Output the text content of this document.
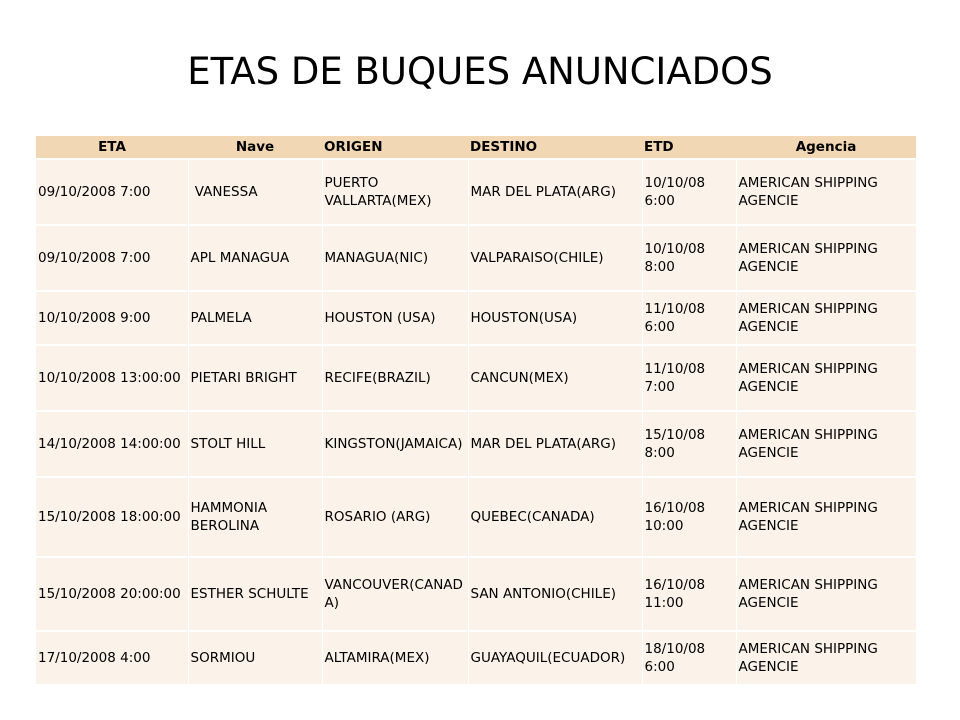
ETAS DE BUQUES ANUNCIADOS
ETA	Nave	ORIGEN	DESTINO	ETD	Agencia
09/10/2008 7:00	VANESSA	PUERTO VALLARTA(MEX)	MAR DEL PLATA(ARG)	10/10/08 6:00	AMERICAN SHIPPING AGENCIE
09/10/2008 7:00	APL MANAGUA	MANAGUA(NIC)	VALPARAISO(CHILE)	10/10/08 8:00	AMERICAN SHIPPING AGENCIE
10/10/2008 9:00	PALMELA	HOUSTON (USA)	HOUSTON(USA)	11/10/08 6:00	AMERICAN SHIPPING AGENCIE
10/10/2008 13:00:00	PIETARI BRIGHT	RECIFE(BRAZIL)	CANCUN(MEX)	11/10/08 7:00	AMERICAN SHIPPING AGENCIE
14/10/2008 14:00:00	STOLT HILL	KINGSTON(JAMAICA)	MAR DEL PLATA(ARG)	15/10/08 8:00	AMERICAN SHIPPING AGENCIE
15/10/2008 18:00:00	HAMMONIA BEROLINA	ROSARIO (ARG)	QUEBEC(CANADA)	16/10/08 10:00	AMERICAN SHIPPING AGENCIE
15/10/2008 20:00:00	ESTHER SCHULTE	VANCOUVER(CANADA)	SAN ANTONIO(CHILE)	16/10/08 11:00	AMERICAN SHIPPING AGENCIE
17/10/2008 4:00	SORMIOU	ALTAMIRA(MEX)	GUAYAQUIL(ECUADOR)	18/10/08 6:00	AMERICAN SHIPPING AGENCIE
